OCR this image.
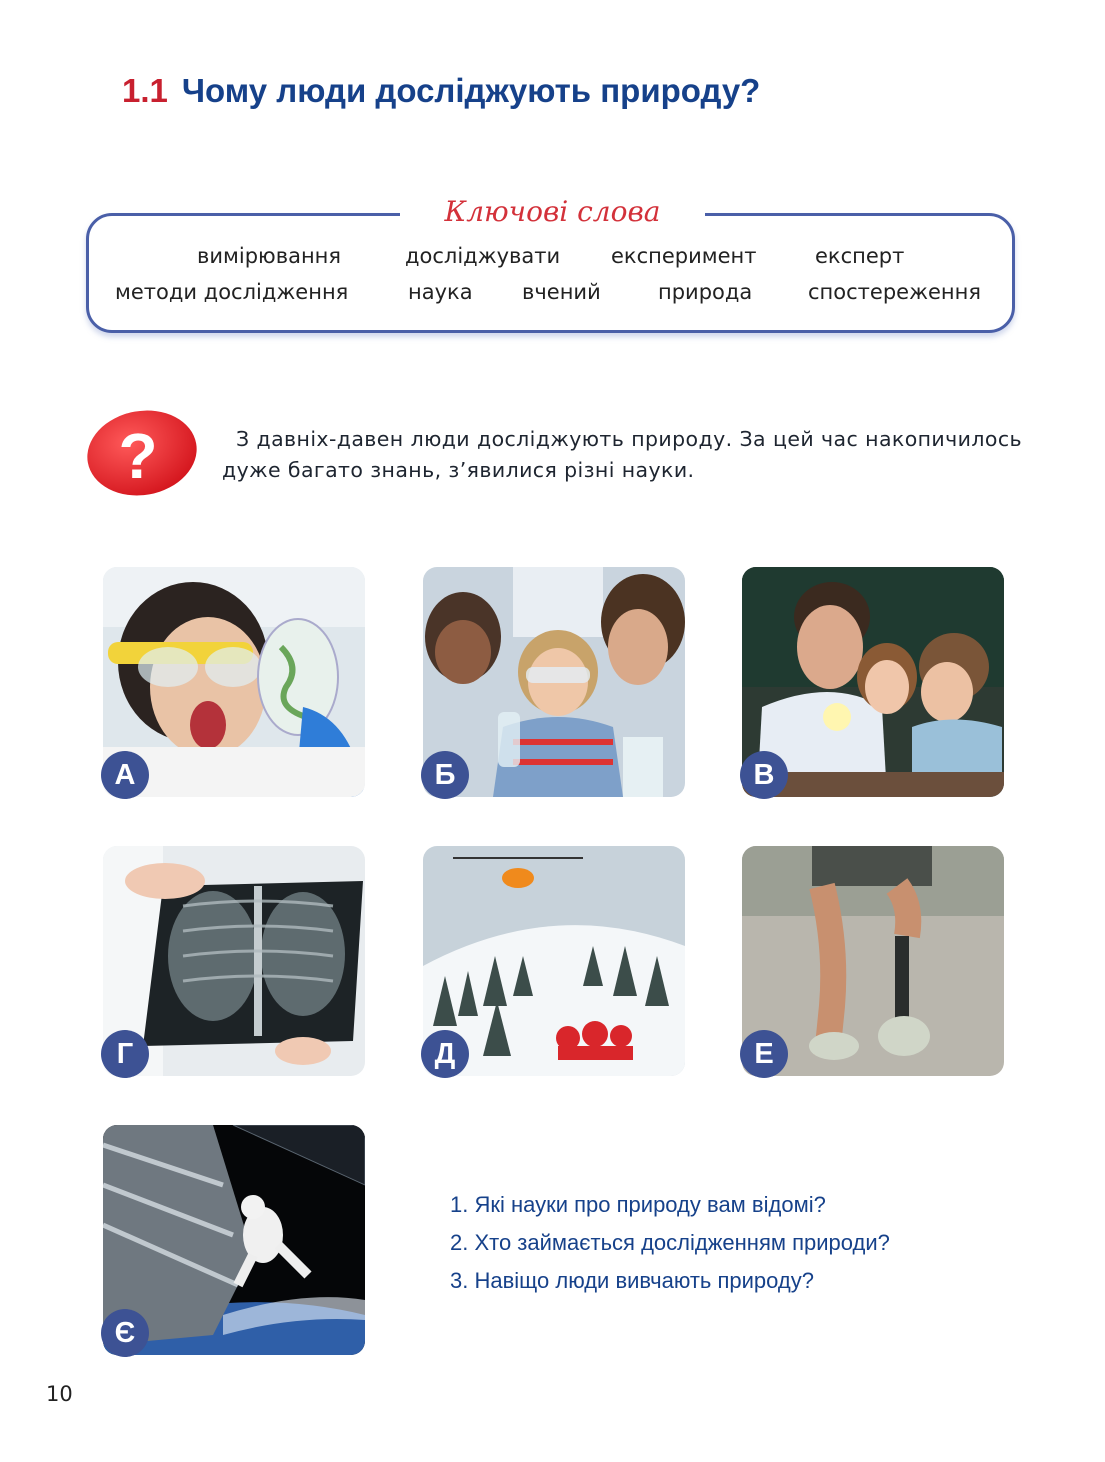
1.1 Чому люди досліджують природу?
вимірювання	досліджувати експеримент	експерт
методи дослідження	наука вчений	природа	спостереження
Ключові слова
?	З давніх-давен люди досліджують природу. За цей час накопичилось дуже багато знань, з’явилися різні науки.
А	Б	В
Г	Д	Е
Є
1. Які науки про природу вам відомі?
2. Хто займається дослідженням природи?
3. Навіщо люди вивчають природу?
10
